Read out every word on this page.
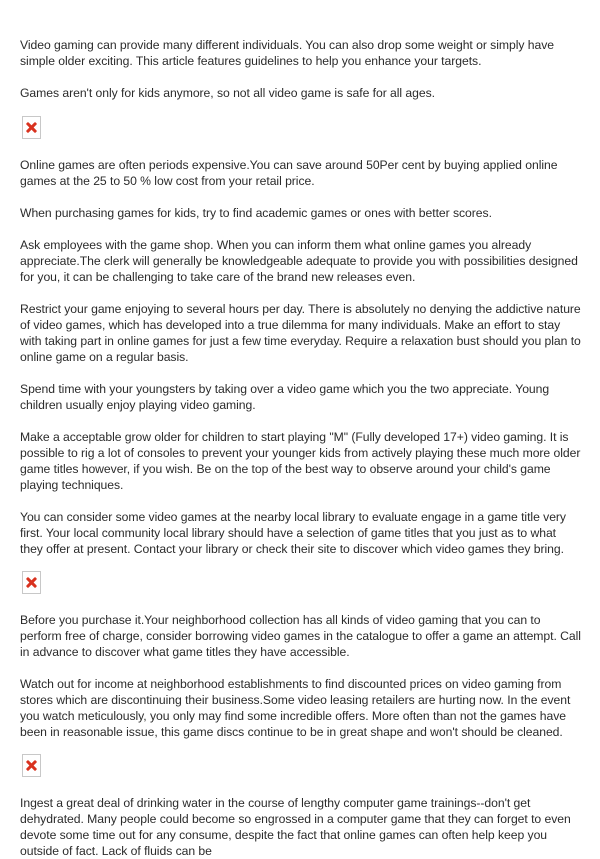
Video gaming can provide many different individuals. You can also drop some weight or simply have simple older exciting. This article features guidelines to help you enhance your targets.

Games aren't only for kids anymore, so not all video game is safe for all ages.

Online games are often periods expensive.You can save around 50Per cent by buying applied online games at the 25 to 50 % low cost from your retail price.

When purchasing games for kids, try to find academic games or ones with better scores.

Ask employees with the game shop. When you can inform them what online games you already appreciate.The clerk will generally be knowledgeable adequate to provide you with possibilities designed for you, it can be challenging to take care of the brand new releases even.

Restrict your game enjoying to several hours per day. There is absolutely no denying the addictive nature of video games, which has developed into a true dilemma for many individuals. Make an effort to stay with taking part in online games for just a few time everyday. Require a relaxation bust should you plan to online game on a regular basis.

Spend time with your youngsters by taking over a video game which you the two appreciate. Young children usually enjoy playing video gaming.

Make a acceptable grow older for children to start playing "M" (Fully developed 17+) video gaming. It is possible to rig a lot of consoles to prevent your younger kids from actively playing these much more older game titles however, if you wish. Be on the top of the best way to observe around your child's game playing techniques.

You can consider some video games at the nearby local library to evaluate engage in a game title very first. Your local community local library should have a selection of game titles that you just as to what they offer at present. Contact your library or check their site to discover which video games they bring.

Before you purchase it.Your neighborhood collection has all kinds of video gaming that you can to perform free of charge, consider borrowing video games in the catalogue to offer a game an attempt. Call in advance to discover what game titles they have accessible.

Watch out for income at neighborhood establishments to find discounted prices on video gaming from stores which are discontinuing their business.Some video leasing retailers are hurting now. In the event you watch meticulously, you only may find some incredible offers. More often than not the games have been in reasonable issue, this game discs continue to be in great shape and won't should be cleaned.

Ingest a great deal of drinking water in the course of lengthy computer game trainings--don't get dehydrated. Many people could become so engrossed in a computer game that they can forget to even devote some time out for any consume, despite the fact that online games can often help keep you outside of fact. Lack of fluids can be
